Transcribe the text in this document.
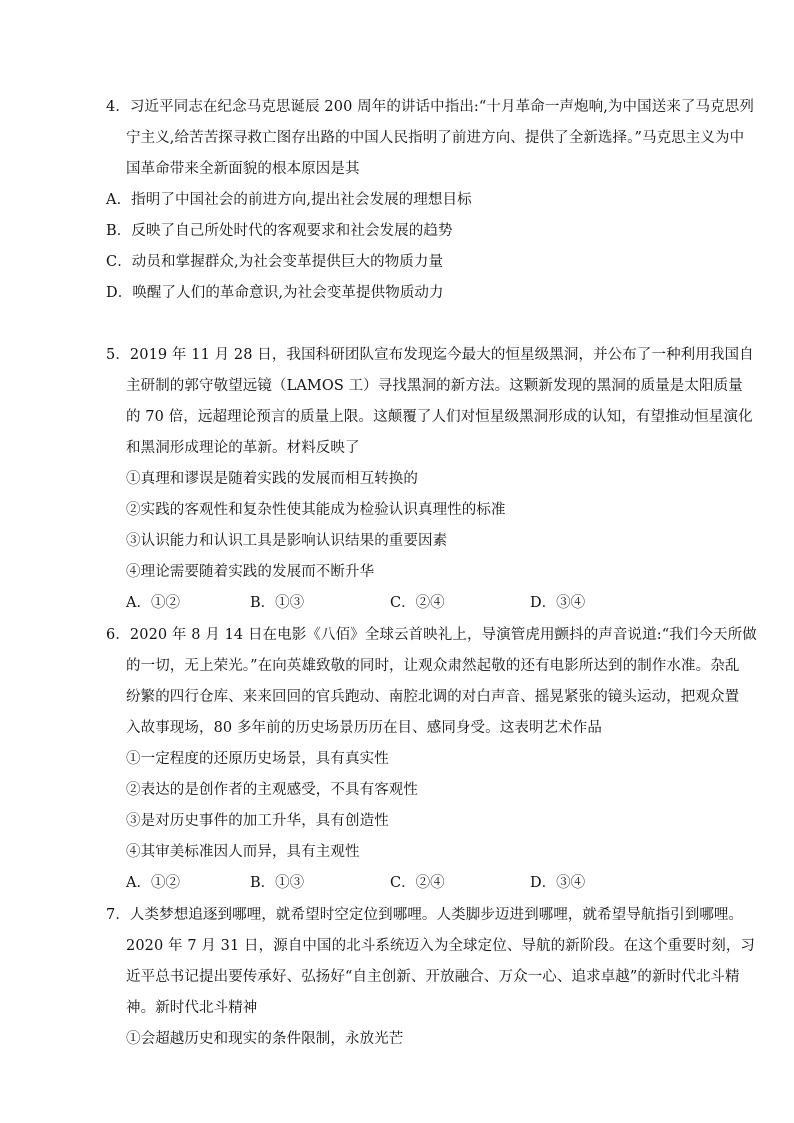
4．习近平同志在纪念马克思诞辰 200 周年的讲话中指出:“十月革命一声炮响,为中国送来了马克思列
宁主义,给苦苦探寻救亡图存出路的中国人民指明了前进方向、提供了全新选择。”马克思主义为中
国革命带来全新面貌的根本原因是其
A．指明了中国社会的前进方向,提出社会发展的理想目标
B．反映了自己所处时代的客观要求和社会发展的趋势
C．动员和掌握群众,为社会变革提供巨大的物质力量
D．唤醒了人们的革命意识,为社会变革提供物质动力
5．2019 年 11 月 28 日，我国科研团队宣布发现迄今最大的恒星级黑洞，并公布了一种利用我国自
主研制的郭守敬望远镜（LAMOS 工）寻找黑洞的新方法。这颗新发现的黑洞的质量是太阳质量
的 70 倍，远超理论预言的质量上限。这颠覆了人们对恒星级黑洞形成的认知，有望推动恒星演化
和黑洞形成理论的革新。材料反映了
①真理和谬误是随着实践的发展而相互转换的
②实践的客观性和复杂性使其能成为检验认识真理性的标准
③认识能力和认识工具是影响认识结果的重要因素
④理论需要随着实践的发展而不断升华
A．①②	B．①③	C．②④	D．③④
6．2020 年 8 月 14 日在电影《八佰》全球云首映礼上，导演管虎用颤抖的声音说道:“我们今天所做
的一切，无上荣光。”在向英雄致敬的同时，让观众肃然起敬的还有电影所达到的制作水准。杂乱
纷繁的四行仓库、来来回回的官兵跑动、南腔北调的对白声音、摇晃紧张的镜头运动，把观众置
入故事现场，80 多年前的历史场景历历在目、感同身受。这表明艺术作品
①一定程度的还原历史场景，具有真实性
②表达的是创作者的主观感受，不具有客观性
③是对历史事件的加工升华，具有创造性
④其审美标准因人而异，具有主观性
A．①②	B．①③	C．②④	D．③④
7．人类梦想追逐到哪哩，就希望时空定位到哪哩。人类脚步迈进到哪哩，就希望导航指引到哪哩。
2020 年 7 月 31 日，源自中国的北斗系统迈入为全球定位、导航的新阶段。在这个重要时刻，习
近平总书记提出要传承好、弘扬好“自主创新、开放融合、万众一心、追求卓越”的新时代北斗精
神。新时代北斗精神
①会超越历史和现实的条件限制，永放光芒
